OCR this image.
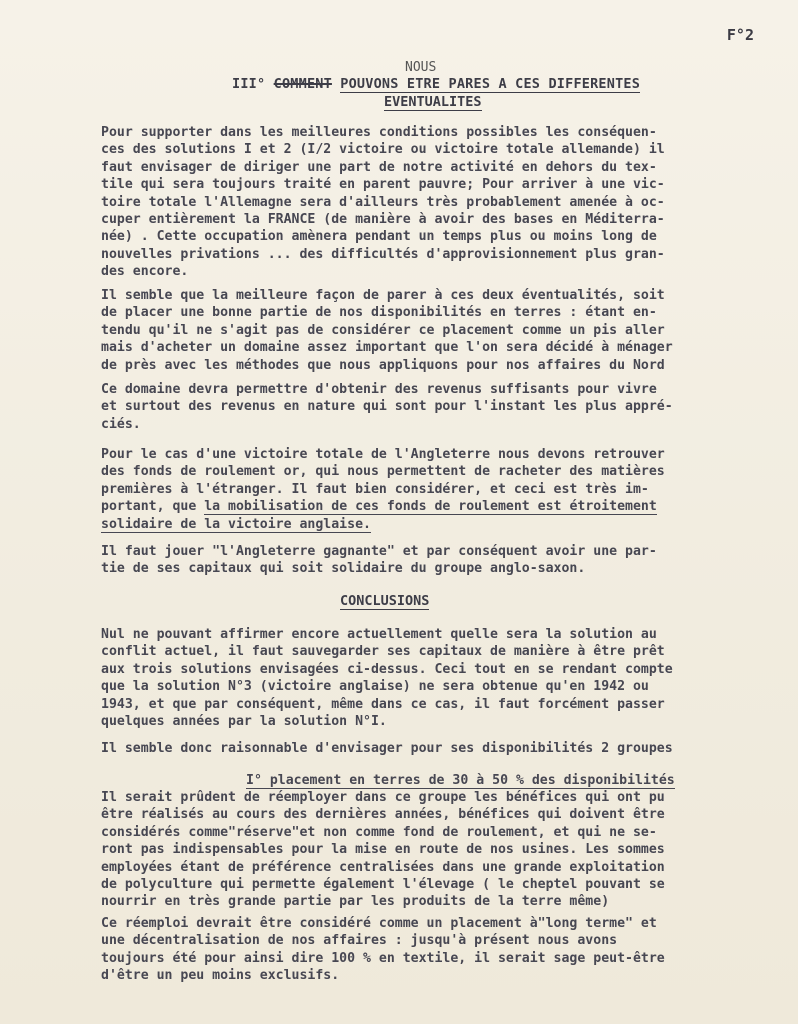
F°2
NOUS
III° COMMENT POUVONS ETRE PARES A CES DIFFERENTES
EVENTUALITES

Pour supporter dans les meilleures conditions possibles les conséquen-
ces des solutions I et 2 (I/2 victoire ou victoire totale allemande) il
faut envisager de diriger une part de notre activité en dehors du tex-
tile qui sera toujours traité en parent pauvre; Pour arriver à une vic-
toire totale l'Allemagne sera d'ailleurs très probablement amenée à oc-
cuper entièrement la FRANCE (de manière à avoir des bases en Méditerra-
née) . Cette occupation amènera pendant un temps plus ou moins long de
nouvelles privations ... des difficultés d'approvisionnement plus gran-
des encore.

Il semble que la meilleure façon de parer à ces deux éventualités, soit
de placer une bonne partie de nos disponibilités en terres : étant en-
tendu qu'il ne s'agit pas de considérer ce placement comme un pis aller
mais d'acheter un domaine assez important que l'on sera décidé à ménager
de près avec les méthodes que nous appliquons pour nos affaires du Nord

Ce domaine devra permettre d'obtenir des revenus suffisants pour vivre
et surtout des revenus en nature qui sont pour l'instant les plus appré-
ciés.

Pour le cas d'une victoire totale de l'Angleterre nous devons retrouver
des fonds de roulement or, qui nous permettent de racheter des matières
premières à l'étranger. Il faut bien considérer, et ceci est très im-
portant, que la mobilisation de ces fonds de roulement est étroitement
solidaire de la victoire anglaise.

Il faut jouer "l'Angleterre gagnante" et par conséquent avoir une par-
tie de ses capitaux qui soit solidaire du groupe anglo-saxon.

CONCLUSIONS

Nul ne pouvant affirmer encore actuellement quelle sera la solution au
conflit actuel, il faut sauvegarder ses capitaux de manière à être prêt
aux trois solutions envisagées ci-dessus. Ceci tout en se rendant compte
que la solution N°3 (victoire anglaise) ne sera obtenue qu'en 1942 ou
1943, et que par conséquent, même dans ce cas, il faut forcément passer
quelques années par la solution N°I.

Il semble donc raisonnable d'envisager pour ses disponibilités 2 groupes

I° placement en terres de 30 à 50 % des disponibilités

Il serait prûdent de réemployer dans ce groupe les bénéfices qui ont pu
être réalisés au cours des dernières années, bénéfices qui doivent être
considérés comme"réserve"et non comme fond de roulement, et qui ne se-
ront pas indispensables pour la mise en route de nos usines. Les sommes
employées étant de préférence centralisées dans une grande exploitation
de polyculture qui permette également l'élevage ( le cheptel pouvant se
nourrir en très grande partie par les produits de la terre même)

Ce réemploi devrait être considéré comme un placement à"long terme" et
une décentralisation de nos affaires : jusqu'à présent nous avons
toujours été pour ainsi dire 100 % en textile, il serait sage peut-être
d'être un peu moins exclusifs.
